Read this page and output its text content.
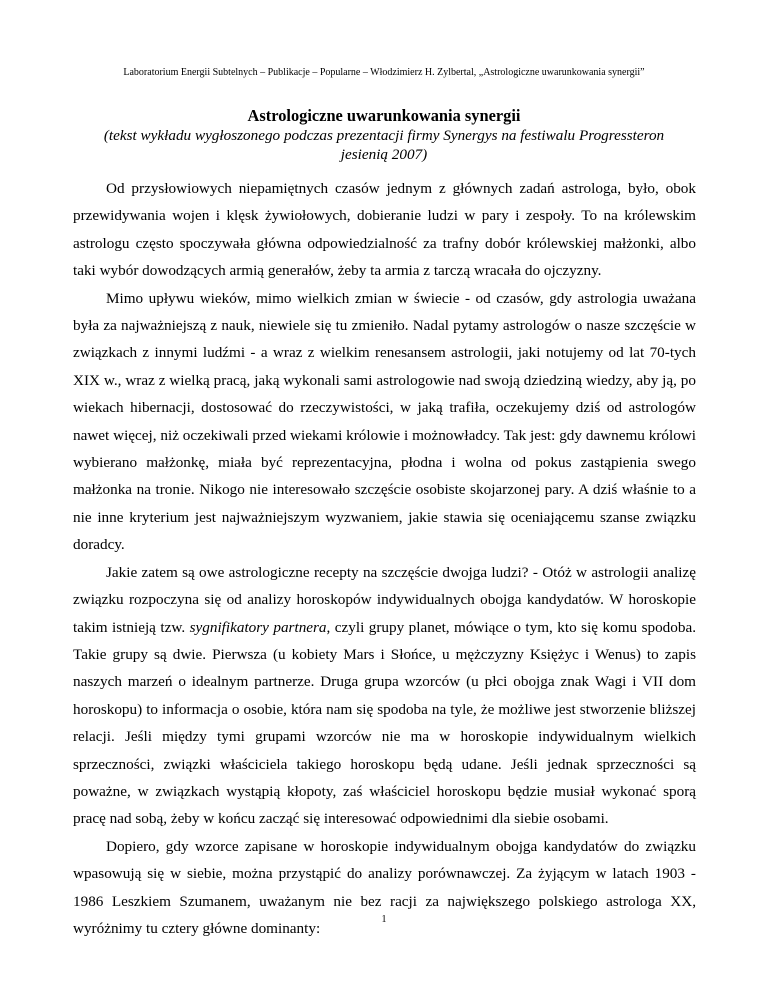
Laboratorium Energii Subtelnych – Publikacje – Popularne – Włodzimierz H. Zylbertal, „Astrologiczne uwarunkowania synergii”
Astrologiczne uwarunkowania synergii

(tekst wykładu wygłoszonego podczas prezentacji firmy Synergys na festiwalu Progressteron jesienią 2007)

Od przysłowiowych niepamiętnych czasów jednym z głównych zadań astrologa, było, obok przewidywania wojen i klęsk żywiołowych, dobieranie ludzi w pary i zespoły. To na królewskim astrologu często spoczywała główna odpowiedzialność za trafny dobór królewskiej małżonki, albo taki wybór dowodzących armią generałów, żeby ta armia z tarczą wracała do ojczyzny.

Mimo upływu wieków, mimo wielkich zmian w świecie - od czasów, gdy astrologia uważana była za najważniejszą z nauk, niewiele się tu zmieniło. Nadal pytamy astrologów o nasze szczęście w związkach z innymi ludźmi - a wraz z wielkim renesansem astrologii, jaki notujemy od lat 70-tych XIX w., wraz z wielką pracą, jaką wykonali sami astrologowie nad swoją dziedziną wiedzy, aby ją, po wiekach hibernacji, dostosować do rzeczywistości, w jaką trafiła, oczekujemy dziś od astrologów nawet więcej, niż oczekiwali przed wiekami królowie i możnowładcy. Tak jest: gdy dawnemu królowi wybierano małżonkę, miała być reprezentacyjna, płodna i wolna od pokus zastąpienia swego małżonka na tronie. Nikogo nie interesowało szczęście osobiste skojarzonej pary. A dziś właśnie to a nie inne kryterium jest najważniejszym wyzwaniem, jakie stawia się oceniającemu szanse związku doradcy.

Jakie zatem są owe astrologiczne recepty na szczęście dwojga ludzi? - Otóż w astrologii analizę związku rozpoczyna się od analizy horoskopów indywidualnych obojga kandydatów. W horoskopie takim istnieją tzw. sygnifikatory partnera, czyli grupy planet, mówiące o tym, kto się komu spodoba. Takie grupy są dwie. Pierwsza (u kobiety Mars i Słońce, u mężczyzny Księżyc i Wenus) to zapis naszych marzeń o idealnym partnerze. Druga grupa wzorców (u płci obojga znak Wagi i VII dom horoskopu) to informacja o osobie, która nam się spodoba na tyle, że możliwe jest stworzenie bliższej relacji. Jeśli między tymi grupami wzorców nie ma w horoskopie indywidualnym wielkich sprzeczności, związki właściciela takiego horoskopu będą udane. Jeśli jednak sprzeczności są poważne, w związkach wystąpią kłopoty, zaś właściciel horoskopu będzie musiał wykonać sporą pracę nad sobą, żeby w końcu zacząć się interesować odpowiednimi dla siebie osobami.

Dopiero, gdy wzorce zapisane w horoskopie indywidualnym obojga kandydatów do związku wpasowują się w siebie, można przystąpić do analizy porównawczej. Za żyjącym w latach 1903 - 1986 Leszkiem Szumanem, uważanym nie bez racji za największego polskiego astrologa XX, wyróżnimy tu cztery główne dominanty:

1
